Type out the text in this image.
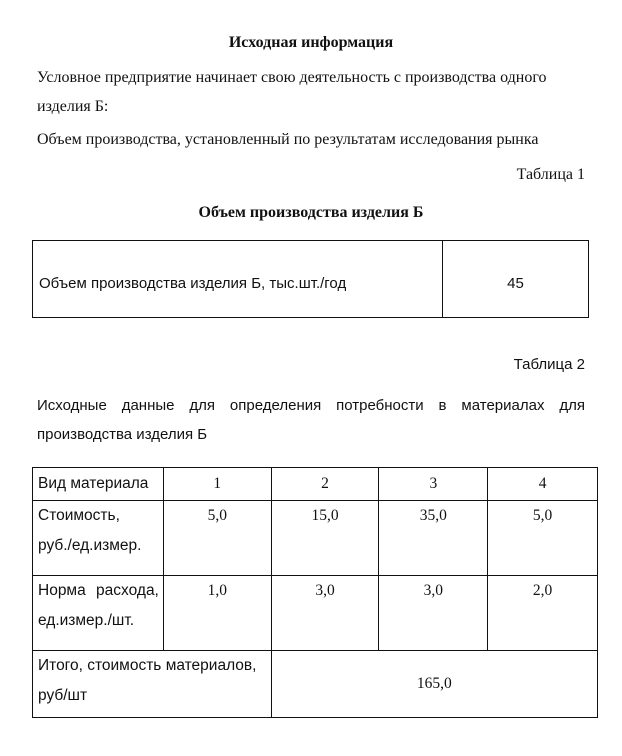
Исходная информация
Условное предприятие начинает свою деятельность с производства одного
изделия Б:
Объем производства, установленный по результатам исследования рынка
Таблица 1
Объем производства изделия Б
Объем производства изделия Б, тыс.шт./год	45
Таблица 2
Исходные данные для определения потребности в материалах для
производства изделия Б
Вид материала	1	2	3	4

Стоимость,
руб./ед.измер.	5,0	15,0	35,0	5,0

Норма расхода,
ед.измер./шт.	1,0	3,0	3,0	2,0

Итого, стоимость материалов,
руб/шт		165,0		
